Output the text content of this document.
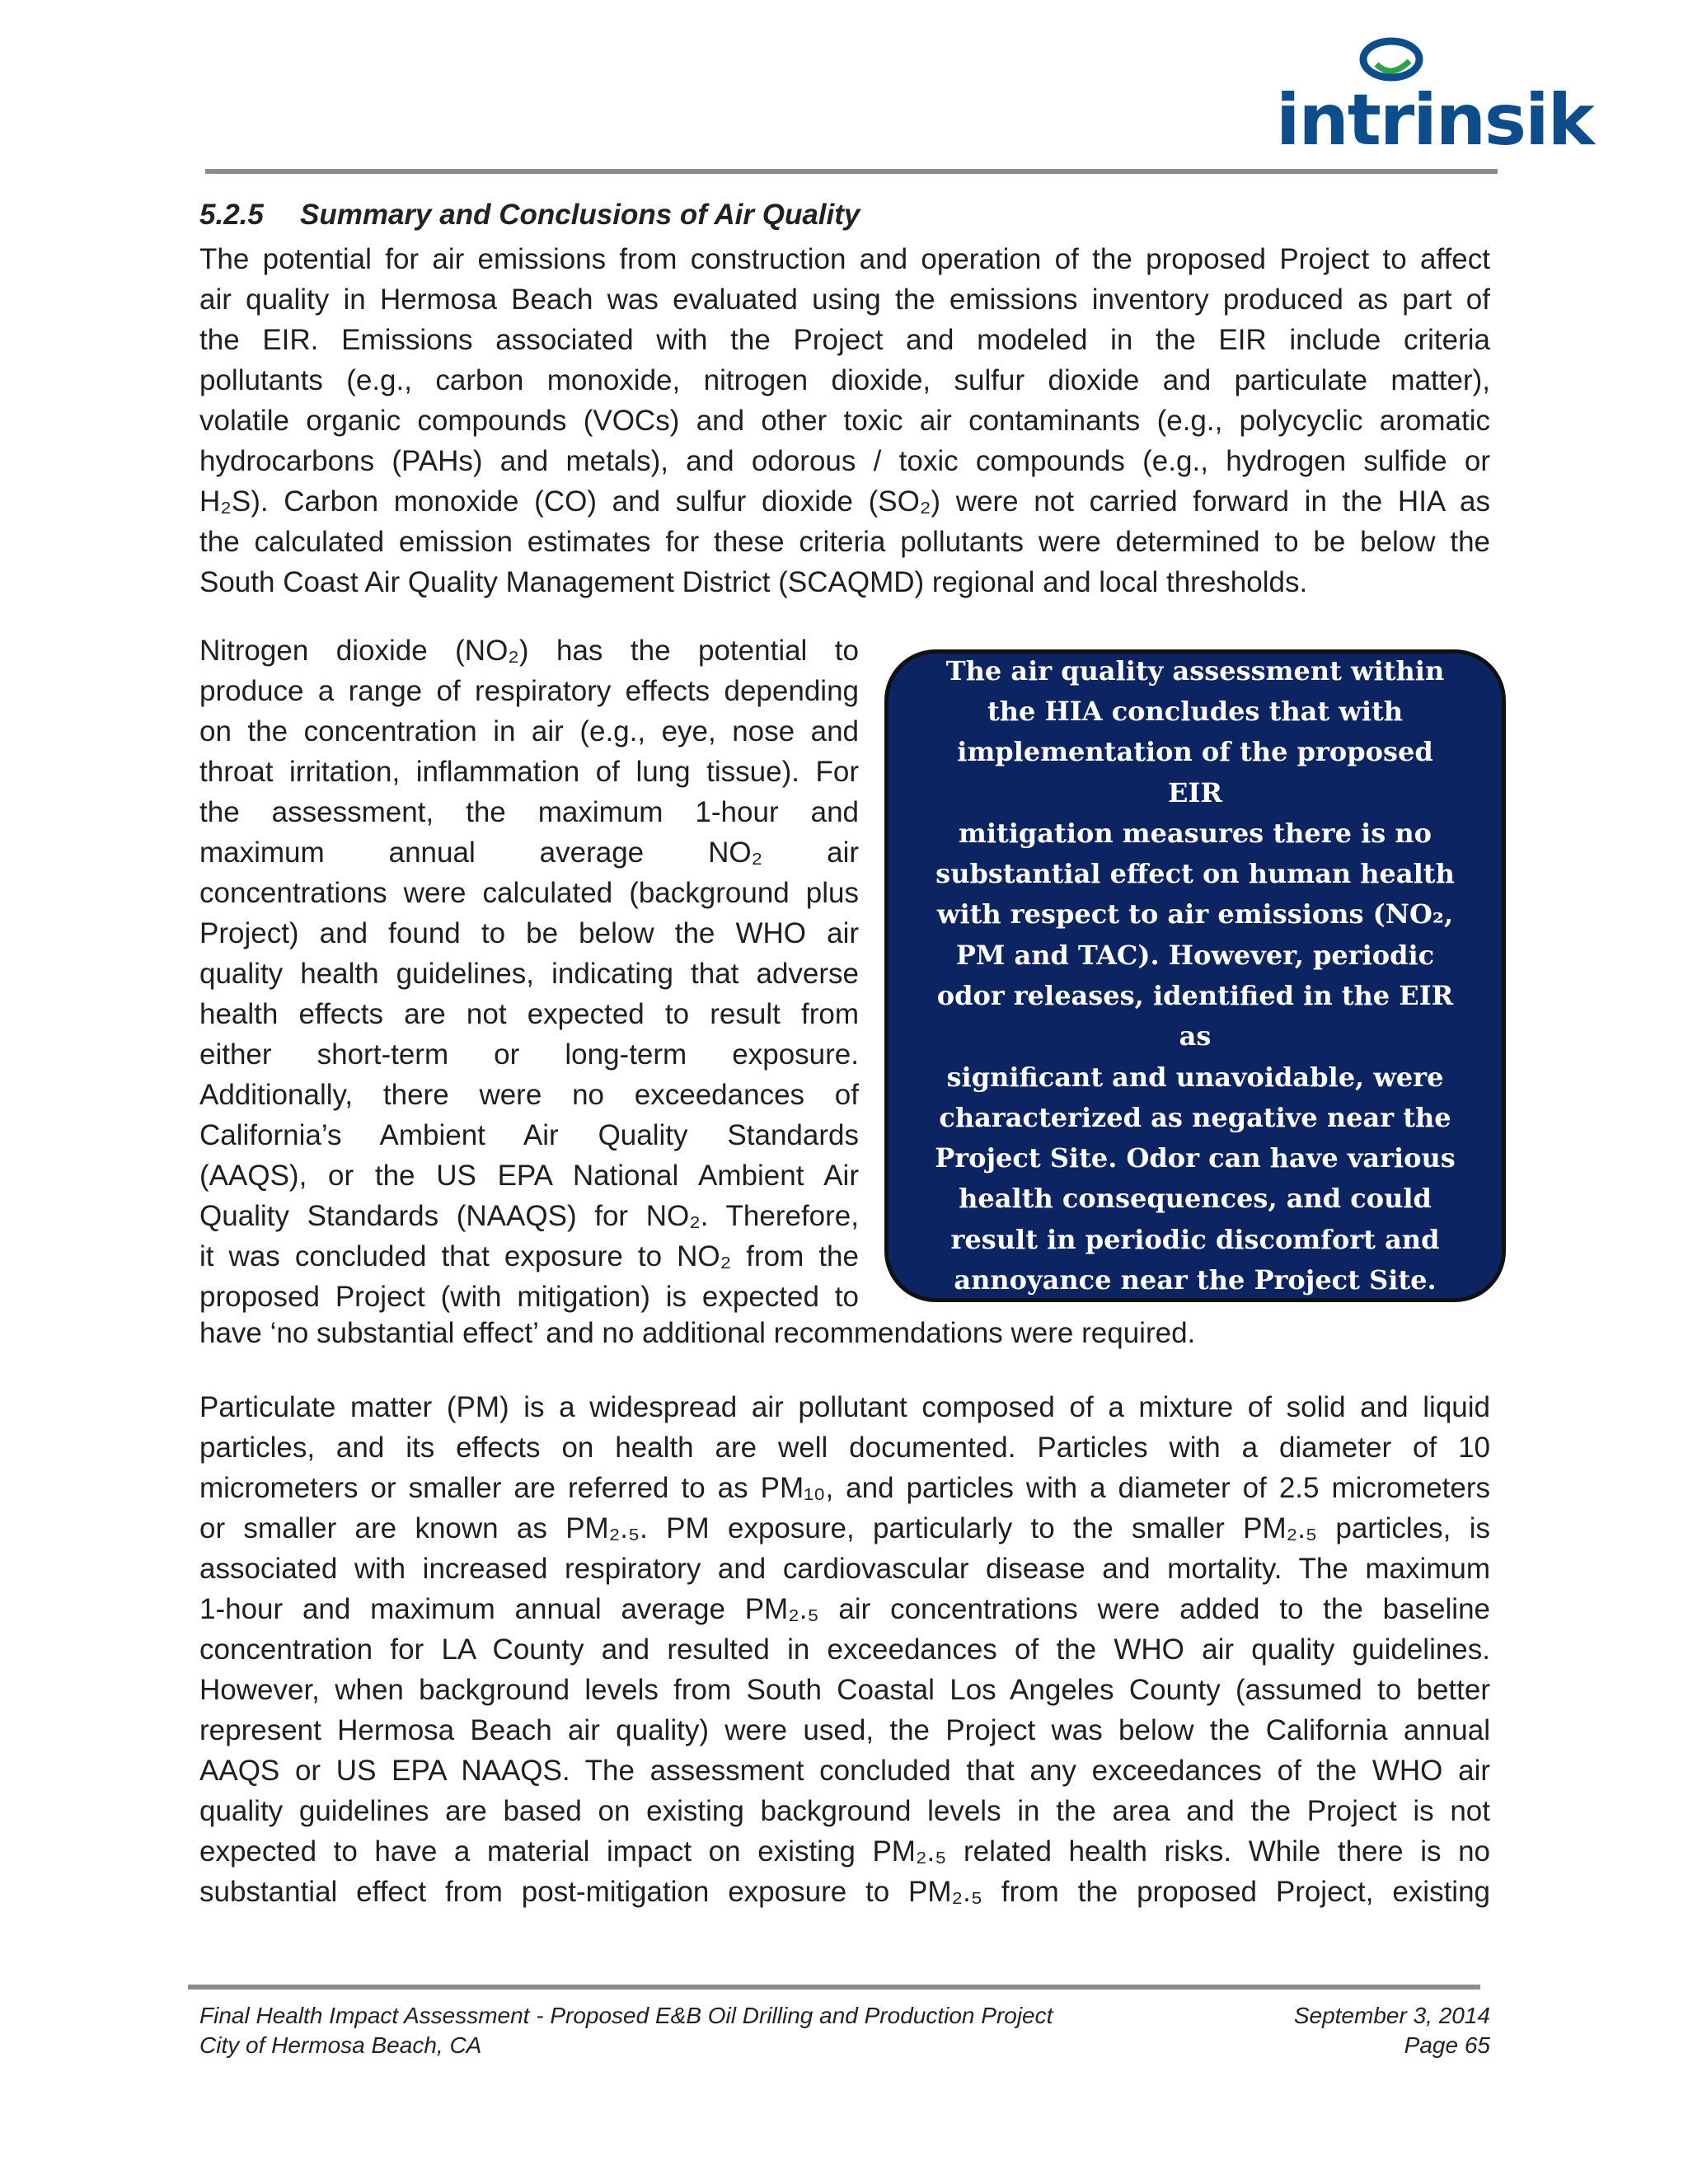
intrinsik
5.2.5 Summary and Conclusions of Air Quality
The potential for air emissions from construction and operation of the proposed Project to affect
air quality in Hermosa Beach was evaluated using the emissions inventory produced as part of
the EIR. Emissions associated with the Project and modeled in the EIR include criteria
pollutants (e.g., carbon monoxide, nitrogen dioxide, sulfur dioxide and particulate matter),
volatile organic compounds (VOCs) and other toxic air contaminants (e.g., polycyclic aromatic
hydrocarbons (PAHs) and metals), and odorous / toxic compounds (e.g., hydrogen sulfide or
H₂S). Carbon monoxide (CO) and sulfur dioxide (SO₂) were not carried forward in the HIA as
the calculated emission estimates for these criteria pollutants were determined to be below the
South Coast Air Quality Management District (SCAQMD) regional and local thresholds.
Nitrogen dioxide (NO₂) has the potential to
produce a range of respiratory effects depending
on the concentration in air (e.g., eye, nose and
throat irritation, inflammation of lung tissue). For
the assessment, the maximum 1-hour and
maximum annual average NO₂ air
concentrations were calculated (background plus
Project) and found to be below the WHO air
quality health guidelines, indicating that adverse
health effects are not expected to result from
either short-term or long-term exposure.
Additionally, there were no exceedances of
California’s Ambient Air Quality Standards
(AAQS), or the US EPA National Ambient Air
Quality Standards (NAAQS) for NO₂. Therefore,
it was concluded that exposure to NO₂ from the
proposed Project (with mitigation) is expected to
have ‘no substantial effect’ and no additional recommendations were required.

The air quality assessment within
the HIA concludes that with
implementation of the proposed EIR
mitigation measures there is no
substantial effect on human health
with respect to air emissions (NO₂,
PM and TAC). However, periodic
odor releases, identified in the EIR as
significant and unavoidable, were
characterized as negative near the
Project Site. Odor can have various
health consequences, and could
result in periodic discomfort and
annoyance near the Project Site.

Particulate matter (PM) is a widespread air pollutant composed of a mixture of solid and liquid
particles, and its effects on health are well documented. Particles with a diameter of 10
micrometers or smaller are referred to as PM₁₀, and particles with a diameter of 2.5 micrometers
or smaller are known as PM₂.₅. PM exposure, particularly to the smaller PM₂.₅ particles, is
associated with increased respiratory and cardiovascular disease and mortality. The maximum
1-hour and maximum annual average PM₂.₅ air concentrations were added to the baseline
concentration for LA County and resulted in exceedances of the WHO air quality guidelines.
However, when background levels from South Coastal Los Angeles County (assumed to better
represent Hermosa Beach air quality) were used, the Project was below the California annual
AAQS or US EPA NAAQS. The assessment concluded that any exceedances of the WHO air
quality guidelines are based on existing background levels in the area and the Project is not
expected to have a material impact on existing PM₂.₅ related health risks. While there is no
substantial effect from post-mitigation exposure to PM₂.₅ from the proposed Project, existing
Final Health Impact Assessment - Proposed E&B Oil Drilling and Production Project	September 3, 2014
City of Hermosa Beach, CA	Page 65
